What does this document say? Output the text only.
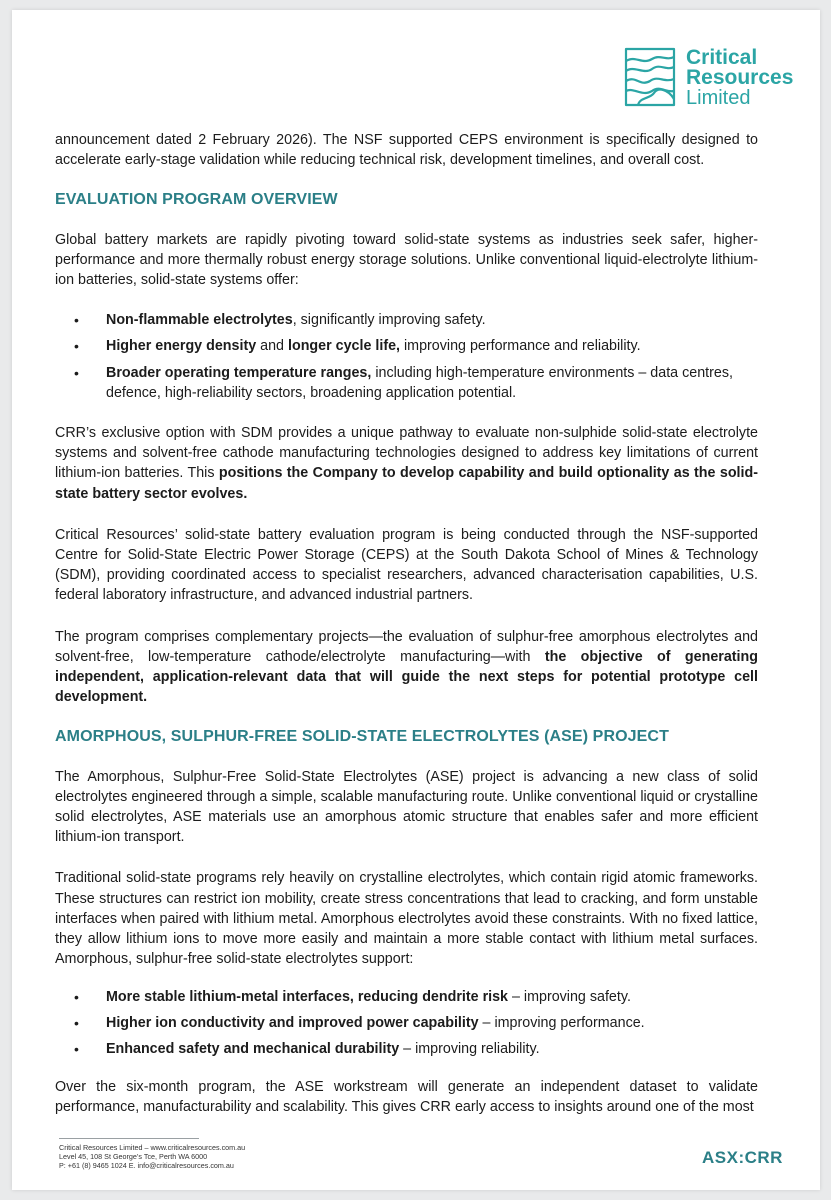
Critical
Resources
Limited

announcement dated 2 February 2026). The NSF supported CEPS environment is specifically designed to accelerate early-stage validation while reducing technical risk, development timelines, and overall cost.

EVALUATION PROGRAM OVERVIEW

Global battery markets are rapidly pivoting toward solid-state systems as industries seek safer, higher-performance and more thermally robust energy storage solutions. Unlike conventional liquid-electrolyte lithium-ion batteries, solid-state systems offer:

• Non-flammable electrolytes, significantly improving safety.
• Higher energy density and longer cycle life, improving performance and reliability.
• Broader operating temperature ranges, including high-temperature environments – data centres, defence, high-reliability sectors, broadening application potential.

CRR’s exclusive option with SDM provides a unique pathway to evaluate non-sulphide solid-state electrolyte systems and solvent-free cathode manufacturing technologies designed to address key limitations of current lithium-ion batteries. This positions the Company to develop capability and build optionality as the solid-state battery sector evolves.

Critical Resources’ solid-state battery evaluation program is being conducted through the NSF-supported Centre for Solid-State Electric Power Storage (CEPS) at the South Dakota School of Mines & Technology (SDM), providing coordinated access to specialist researchers, advanced characterisation capabilities, U.S. federal laboratory infrastructure, and advanced industrial partners.

The program comprises complementary projects—the evaluation of sulphur-free amorphous electrolytes and solvent-free, low-temperature cathode/electrolyte manufacturing—with the objective of generating independent, application-relevant data that will guide the next steps for potential prototype cell development.

AMORPHOUS, SULPHUR-FREE SOLID-STATE ELECTROLYTES (ASE) PROJECT

The Amorphous, Sulphur-Free Solid-State Electrolytes (ASE) project is advancing a new class of solid electrolytes engineered through a simple, scalable manufacturing route. Unlike conventional liquid or crystalline solid electrolytes, ASE materials use an amorphous atomic structure that enables safer and more efficient lithium-ion transport.

Traditional solid-state programs rely heavily on crystalline electrolytes, which contain rigid atomic frameworks. These structures can restrict ion mobility, create stress concentrations that lead to cracking, and form unstable interfaces when paired with lithium metal. Amorphous electrolytes avoid these constraints. With no fixed lattice, they allow lithium ions to move more easily and maintain a more stable contact with lithium metal surfaces. Amorphous, sulphur-free solid-state electrolytes support:

• More stable lithium-metal interfaces, reducing dendrite risk – improving safety.
• Higher ion conductivity and improved power capability – improving performance.
• Enhanced safety and mechanical durability – improving reliability.

Over the six-month program, the ASE workstream will generate an independent dataset to validate performance, manufacturability and scalability. This gives CRR early access to insights around one of the most

Critical Resources Limited – www.criticalresources.com.au
Level 45, 108 St George’s Tce, Perth WA 6000
P: +61 (8) 9465 1024 E. info@criticalresources.com.au	ASX:CRR
